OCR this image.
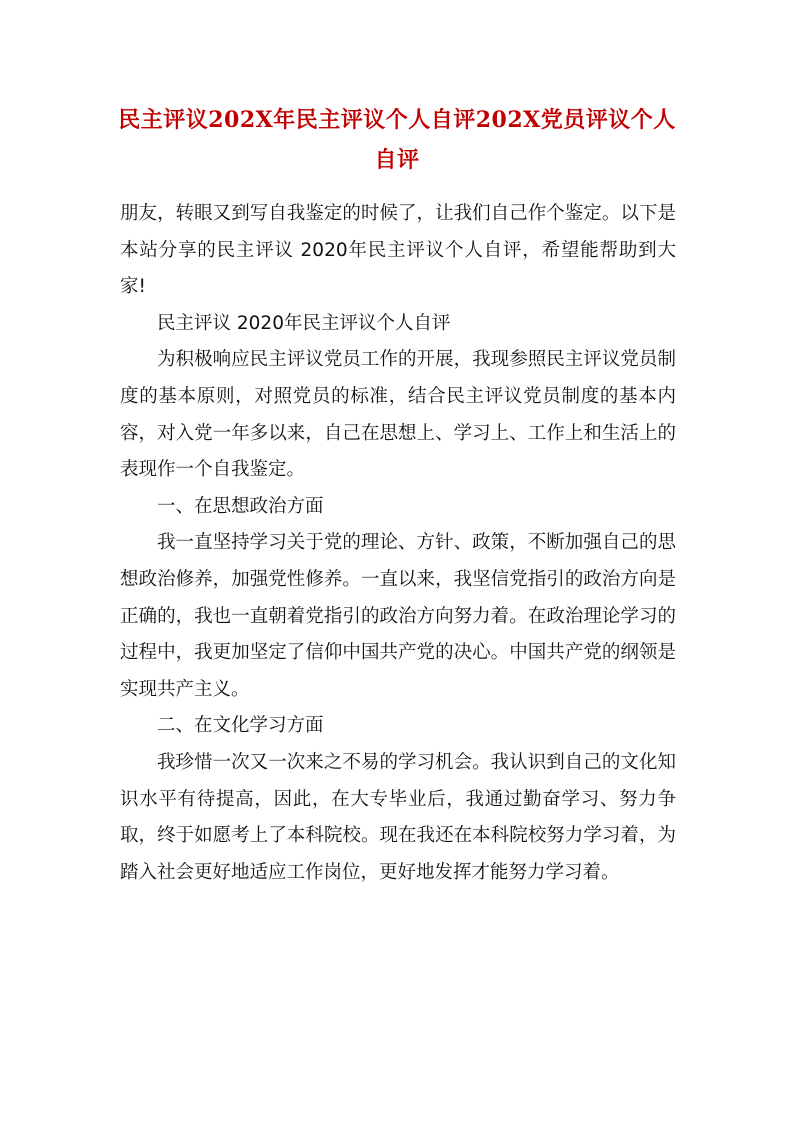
民主评议202X年民主评议个人自评202X党员评议个人自评

朋友，转眼又到写自我鉴定的时候了，让我们自己作个鉴定。以下是本站分享的民主评议 2020年民主评议个人自评，希望能帮助到大家!

民主评议 2020年民主评议个人自评

为积极响应民主评议党员工作的开展，我现参照民主评议党员制度的基本原则，对照党员的标准，结合民主评议党员制度的基本内容，对入党一年多以来，自己在思想上、学习上、工作上和生活上的表现作一个自我鉴定。

一、在思想政治方面

我一直坚持学习关于党的理论、方针、政策，不断加强自己的思想政治修养，加强党性修养。一直以来，我坚信党指引的政治方向是正确的，我也一直朝着党指引的政治方向努力着。在政治理论学习的过程中，我更加坚定了信仰中国共产党的决心。中国共产党的纲领是实现共产主义。

二、在文化学习方面

我珍惜一次又一次来之不易的学习机会。我认识到自己的文化知识水平有待提高，因此，在大专毕业后，我通过勤奋学习、努力争取，终于如愿考上了本科院校。现在我还在本科院校努力学习着，为踏入社会更好地适应工作岗位，更好地发挥才能努力学习着。
